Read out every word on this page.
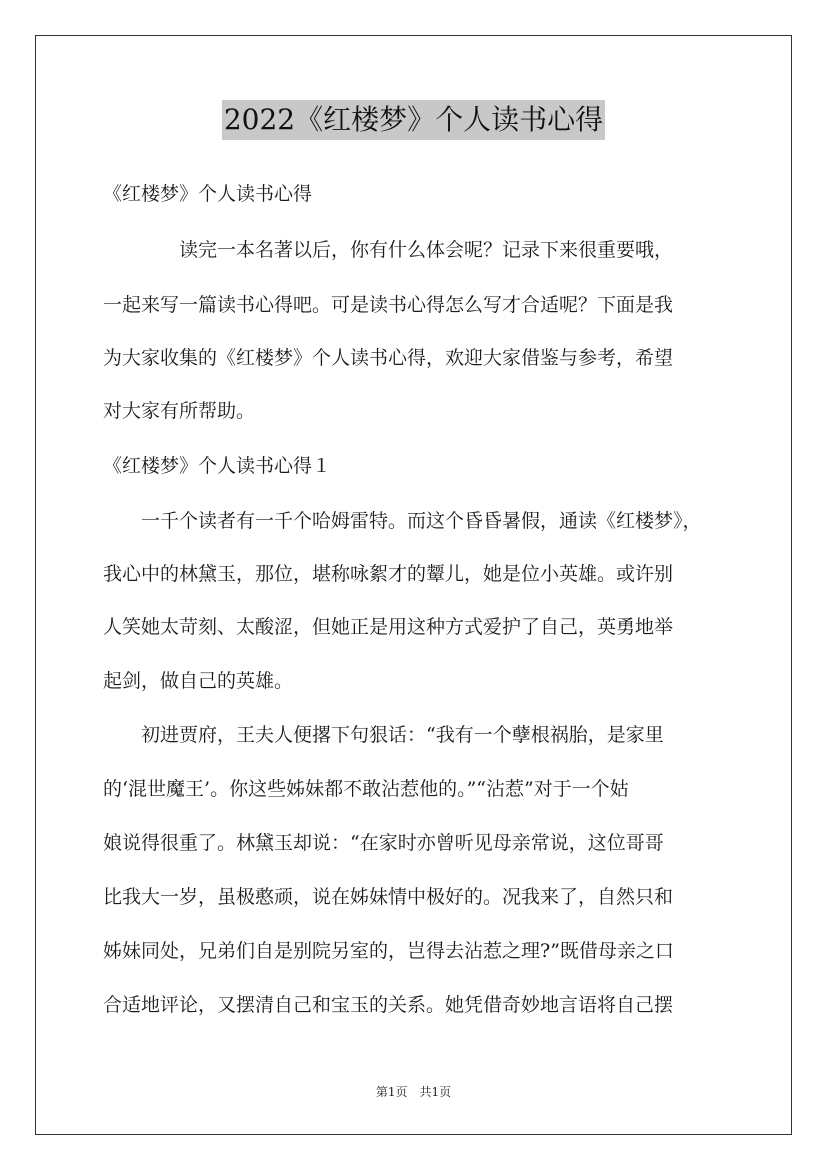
2022《红楼梦》个人读书心得
《红楼梦》个人读书心得
　　　　读完一本名著以后，你有什么体会呢？记录下来很重要哦，
一起来写一篇读书心得吧。可是读书心得怎么写才合适呢？下面是我
为大家收集的《红楼梦》个人读书心得，欢迎大家借鉴与参考，希望
对大家有所帮助。
《红楼梦》个人读书心得１
　　一千个读者有一千个哈姆雷特。而这个昏昏暑假，通读《红楼梦》，
我心中的林黛玉，那位，堪称咏絮才的颦儿，她是位小英雄。或许别
人笑她太苛刻、太酸涩，但她正是用这种方式爱护了自己，英勇地举
起剑，做自己的英雄。
　　初进贾府，王夫人便撂下句狠话：“我有一个孽根祸胎，是家里
的‘混世魔王’。你这些姊妹都不敢沾惹他的。”“沾惹”对于一个姑
娘说得很重了。林黛玉却说：“在家时亦曾听见母亲常说，这位哥哥
比我大一岁，虽极憨顽，说在姊妹情中极好的。况我来了，自然只和
姊妹同处，兄弟们自是别院另室的，岂得去沾惹之理?”既借母亲之口
合适地评论，又摆清自己和宝玉的关系。她凭借奇妙地言语将自己摆
第1页　共1页
